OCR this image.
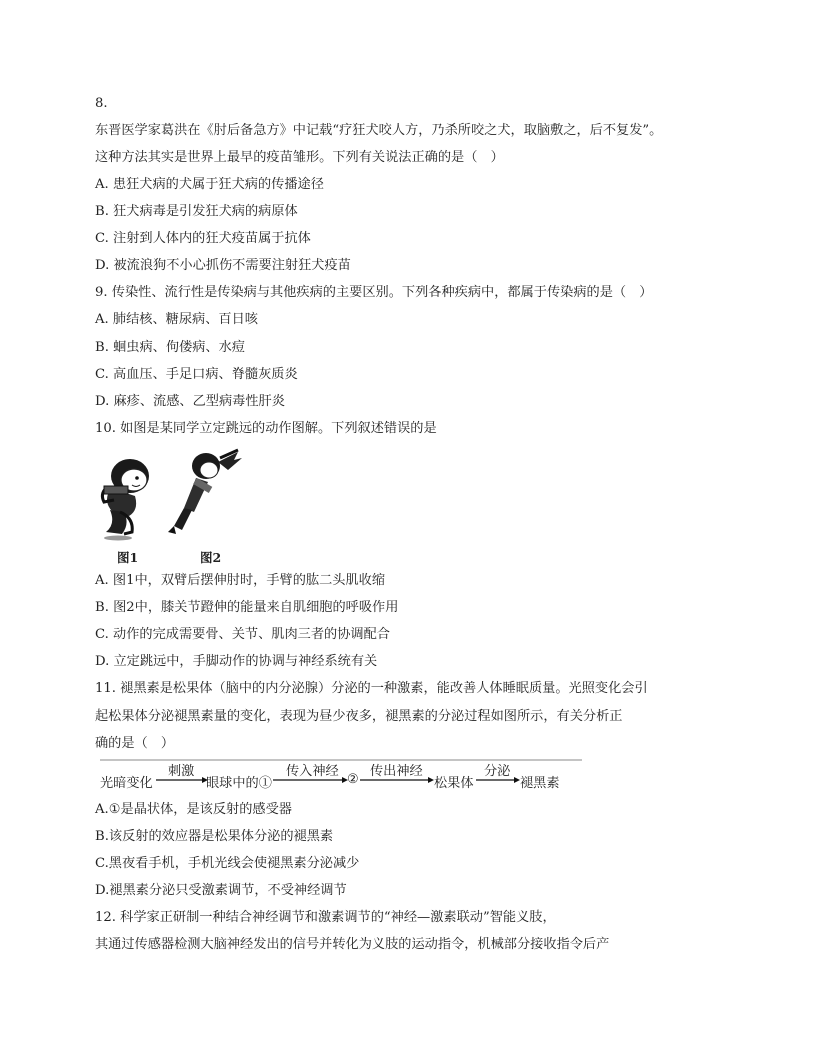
8.
东晋医学家葛洪在《肘后备急方》中记载“疗狂犬咬人方，乃杀所咬之犬，取脑敷之，后不复发”。
这种方法其实是世界上最早的疫苗雏形。下列有关说法正确的是（　）
A. 患狂犬病的犬属于狂犬病的传播途径
B. 狂犬病毒是引发狂犬病的病原体
C. 注射到人体内的狂犬疫苗属于抗体
D. 被流浪狗不小心抓伤不需要注射狂犬疫苗
9. 传染性、流行性是传染病与其他疾病的主要区别。下列各种疾病中，都属于传染病的是（　）
A. 肺结核、糖尿病、百日咳
B. 蛔虫病、佝偻病、水痘
C. 高血压、手足口病、脊髓灰质炎
D. 麻疹、流感、乙型病毒性肝炎
10. 如图是某同学立定跳远的动作图解。下列叙述错误的是
图1	图2
A. 图1中，双臂后摆伸肘时，手臂的肱二头肌收缩
B. 图2中，膝关节蹬伸的能量来自肌细胞的呼吸作用
C. 动作的完成需要骨、关节、肌肉三者的协调配合
D. 立定跳远中，手脚动作的协调与神经系统有关
11. 褪黑素是松果体（脑中的内分泌腺）分泌的一种激素，能改善人体睡眠质量。光照变化会引
起松果体分泌褪黑素量的变化，表现为昼少夜多，褪黑素的分泌过程如图所示，有关分析正
确的是（　）
光暗变化
刺激
眼球中的①
传入神经
②
传出神经
松果体
分泌
褪黑素
A.①是晶状体，是该反射的感受器
B.该反射的效应器是松果体分泌的褪黑素
C.黑夜看手机，手机光线会使褪黑素分泌减少
D.褪黑素分泌只受激素调节，不受神经调节
12. 科学家正研制一种结合神经调节和激素调节的“神经—激素联动”智能义肢，
其通过传感器检测大脑神经发出的信号并转化为义肢的运动指令，机械部分接收指令后产
